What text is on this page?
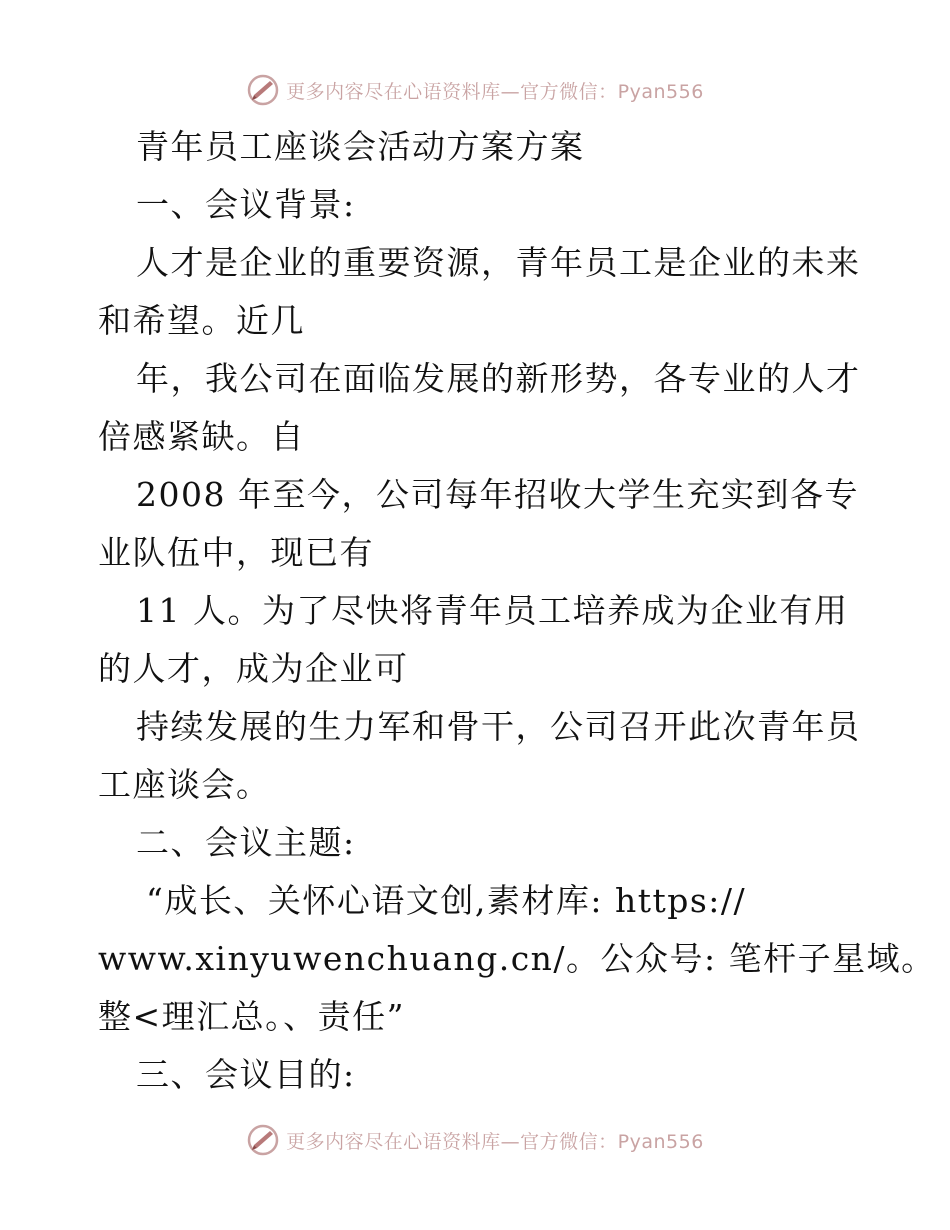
更多内容尽在心语资料库—官方微信：Pyan556
青年员工座谈会活动方案方案
一、会议背景:
人才是企业的重要资源，青年员工是企业的未来
和希望。近几
年，我公司在面临发展的新形势，各专业的人才
倍感紧缺。自
2008 年至今，公司每年招收大学生充实到各专
业队伍中，现已有
11 人。为了尽快将青年员工培养成为企业有用
的人才，成为企业可
持续发展的生力军和骨干，公司召开此次青年员
工座谈会。
二、会议主题:
“成长、关怀心语文创,素材库: https://
www.xinyuwenchuang.cn/。公众号: 笔杆子星域。
整<理汇总。、责任”
三、会议目的:
更多内容尽在心语资料库—官方微信：Pyan556
